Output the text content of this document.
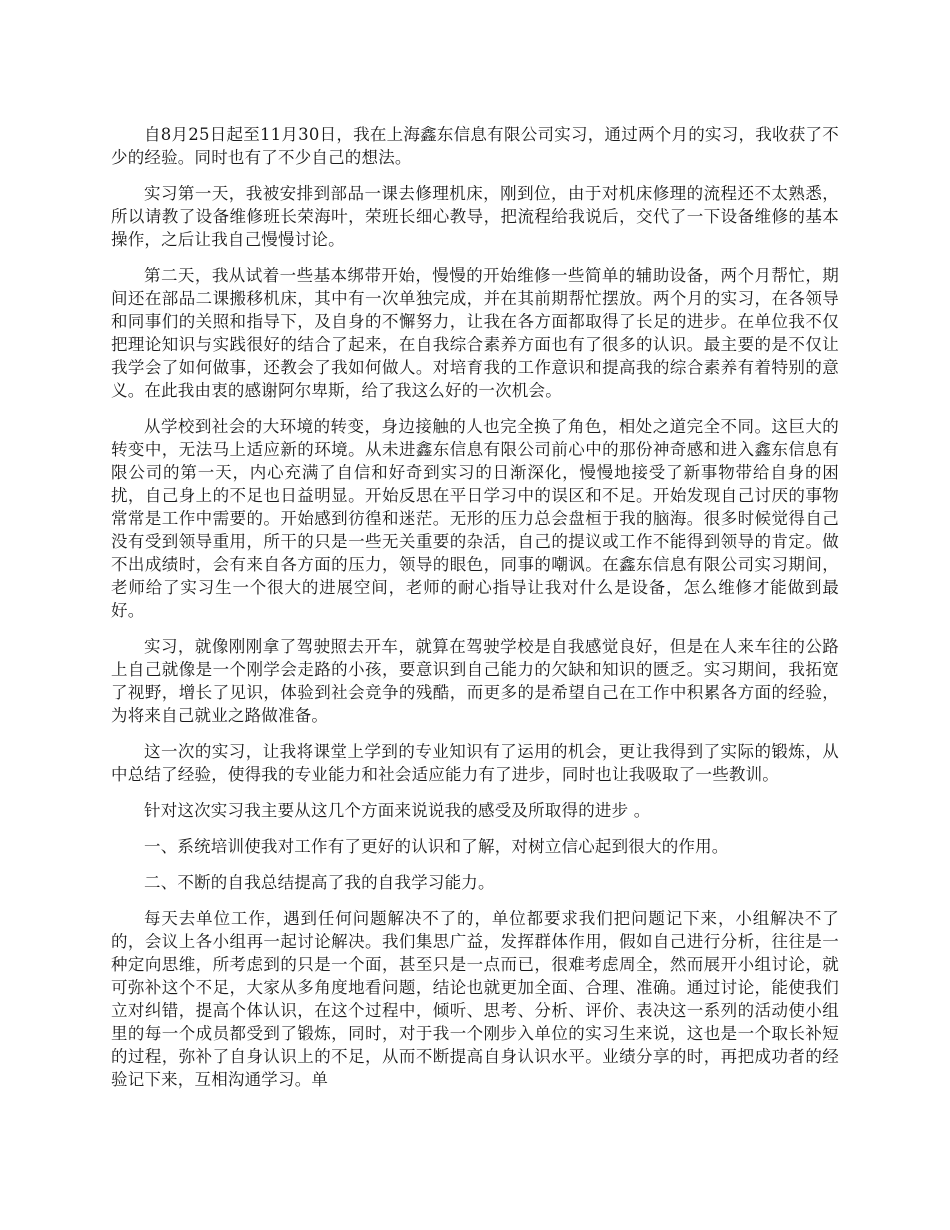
自8月25日起至11月30日，我在上海鑫东信息有限公司实习，通过两个月的实习，我收获了不少的经验。同时也有了不少自己的想法。

实习第一天，我被安排到部品一课去修理机床，刚到位，由于对机床修理的流程还不太熟悉，所以请教了设备维修班长荣海叶，荣班长细心教导，把流程给我说后，交代了一下设备维修的基本操作，之后让我自己慢慢讨论。

第二天，我从试着一些基本绑带开始，慢慢的开始维修一些简单的辅助设备，两个月帮忙，期间还在部品二课搬移机床，其中有一次单独完成，并在其前期帮忙摆放。两个月的实习，在各领导和同事们的关照和指导下，及自身的不懈努力，让我在各方面都取得了长足的进步。在单位我不仅把理论知识与实践很好的结合了起来，在自我综合素养方面也有了很多的认识。最主要的是不仅让我学会了如何做事，还教会了我如何做人。对培育我的工作意识和提高我的综合素养有着特别的意义。在此我由衷的感谢阿尔卑斯，给了我这么好的一次机会。

从学校到社会的大环境的转变，身边接触的人也完全换了角色，相处之道完全不同。这巨大的转变中，无法马上适应新的环境。从未进鑫东信息有限公司前心中的那份神奇感和进入鑫东信息有限公司的第一天，内心充满了自信和好奇到实习的日渐深化，慢慢地接受了新事物带给自身的困扰，自己身上的不足也日益明显。开始反思在平日学习中的误区和不足。开始发现自己讨厌的事物常常是工作中需要的。开始感到彷徨和迷茫。无形的压力总会盘桓于我的脑海。很多时候觉得自己没有受到领导重用，所干的只是一些无关重要的杂活，自己的提议或工作不能得到领导的肯定。做不出成绩时，会有来自各方面的压力，领导的眼色，同事的嘲讽。在鑫东信息有限公司实习期间，老师给了实习生一个很大的进展空间，老师的耐心指导让我对什么是设备，怎么维修才能做到最好。

实习，就像刚刚拿了驾驶照去开车，就算在驾驶学校是自我感觉良好，但是在人来车往的公路上自己就像是一个刚学会走路的小孩，要意识到自己能力的欠缺和知识的匮乏。实习期间，我拓宽了视野，增长了见识，体验到社会竞争的残酷，而更多的是希望自己在工作中积累各方面的经验，为将来自己就业之路做准备。

这一次的实习，让我将课堂上学到的专业知识有了运用的机会，更让我得到了实际的锻炼，从中总结了经验，使得我的专业能力和社会适应能力有了进步，同时也让我吸取了一些教训。

针对这次实习我主要从这几个方面来说说我的感受及所取得的进步 。

一、系统培训使我对工作有了更好的认识和了解，对树立信心起到很大的作用。

二、不断的自我总结提高了我的自我学习能力。

每天去单位工作，遇到任何问题解决不了的，单位都要求我们把问题记下来，小组解决不了的，会议上各小组再一起讨论解决。我们集思广益，发挥群体作用，假如自己进行分析，往往是一种定向思维，所考虑到的只是一个面，甚至只是一点而已，很难考虑周全，然而展开小组讨论，就可弥补这个不足，大家从多角度地看问题，结论也就更加全面、合理、准确。通过讨论，能使我们立对纠错，提高个体认识，在这个过程中，倾听、思考、分析、评价、表决这一系列的活动使小组里的每一个成员都受到了锻炼，同时，对于我一个刚步入单位的实习生来说，这也是一个取长补短的过程，弥补了自身认识上的不足，从而不断提高自身认识水平。业绩分享的时，再把成功者的经验记下来，互相沟通学习。单
